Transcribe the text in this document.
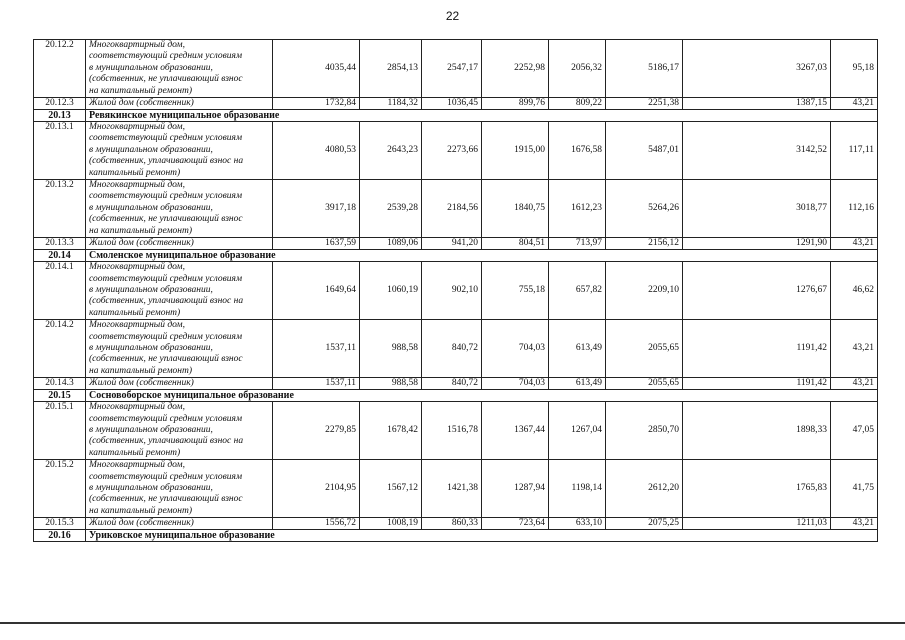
22
20.12.2	Многоквартирный дом,
соответствующий средним условиям
в муниципальном образовании,
(собственник, не уплачивающий взнос
на капитальный ремонт)	4035,44	2854,13	2547,17	2252,98	2056,32	5186,17	3267,03	95,18
20.12.3	Жилой дом (собственник)	1732,84	1184,32	1036,45	899,76	809,22	2251,38	1387,15	43,21
20.13	Ревякинское муниципальное образование								
20.13.1	Многоквартирный дом,
соответствующий средним условиям
в муниципальном образовании,
(собственник, уплачивающий взнос на
капитальный ремонт)	4080,53	2643,23	2273,66	1915,00	1676,58	5487,01	3142,52	117,11
20.13.2	Многоквартирный дом,
соответствующий средним условиям
в муниципальном образовании,
(собственник, не уплачивающий взнос
на капитальный ремонт)	3917,18	2539,28	2184,56	1840,75	1612,23	5264,26	3018,77	112,16
20.13.3	Жилой дом (собственник)	1637,59	1089,06	941,20	804,51	713,97	2156,12	1291,90	43,21
20.14	Смоленское муниципальное образование								
20.14.1	Многоквартирный дом,
соответствующий средним условиям
в муниципальном образовании,
(собственник, уплачивающий взнос на
капитальный ремонт)	1649,64	1060,19	902,10	755,18	657,82	2209,10	1276,67	46,62
20.14.2	Многоквартирный дом,
соответствующий средним условиям
в муниципальном образовании,
(собственник, не уплачивающий взнос
на капитальный ремонт)	1537,11	988,58	840,72	704,03	613,49	2055,65	1191,42	43,21
20.14.3	Жилой дом (собственник)	1537,11	988,58	840,72	704,03	613,49	2055,65	1191,42	43,21
20.15	Сосновоборское муниципальное образование								
20.15.1	Многоквартирный дом,
соответствующий средним условиям
в муниципальном образовании,
(собственник, уплачивающий взнос на
капитальный ремонт)	2279,85	1678,42	1516,78	1367,44	1267,04	2850,70	1898,33	47,05
20.15.2	Многоквартирный дом,
соответствующий средним условиям
в муниципальном образовании,
(собственник, не уплачивающий взнос
на капитальный ремонт)	2104,95	1567,12	1421,38	1287,94	1198,14	2612,20	1765,83	41,75
20.15.3	Жилой дом (собственник)	1556,72	1008,19	860,33	723,64	633,10	2075,25	1211,03	43,21
20.16	Уриковское муниципальное образование								
